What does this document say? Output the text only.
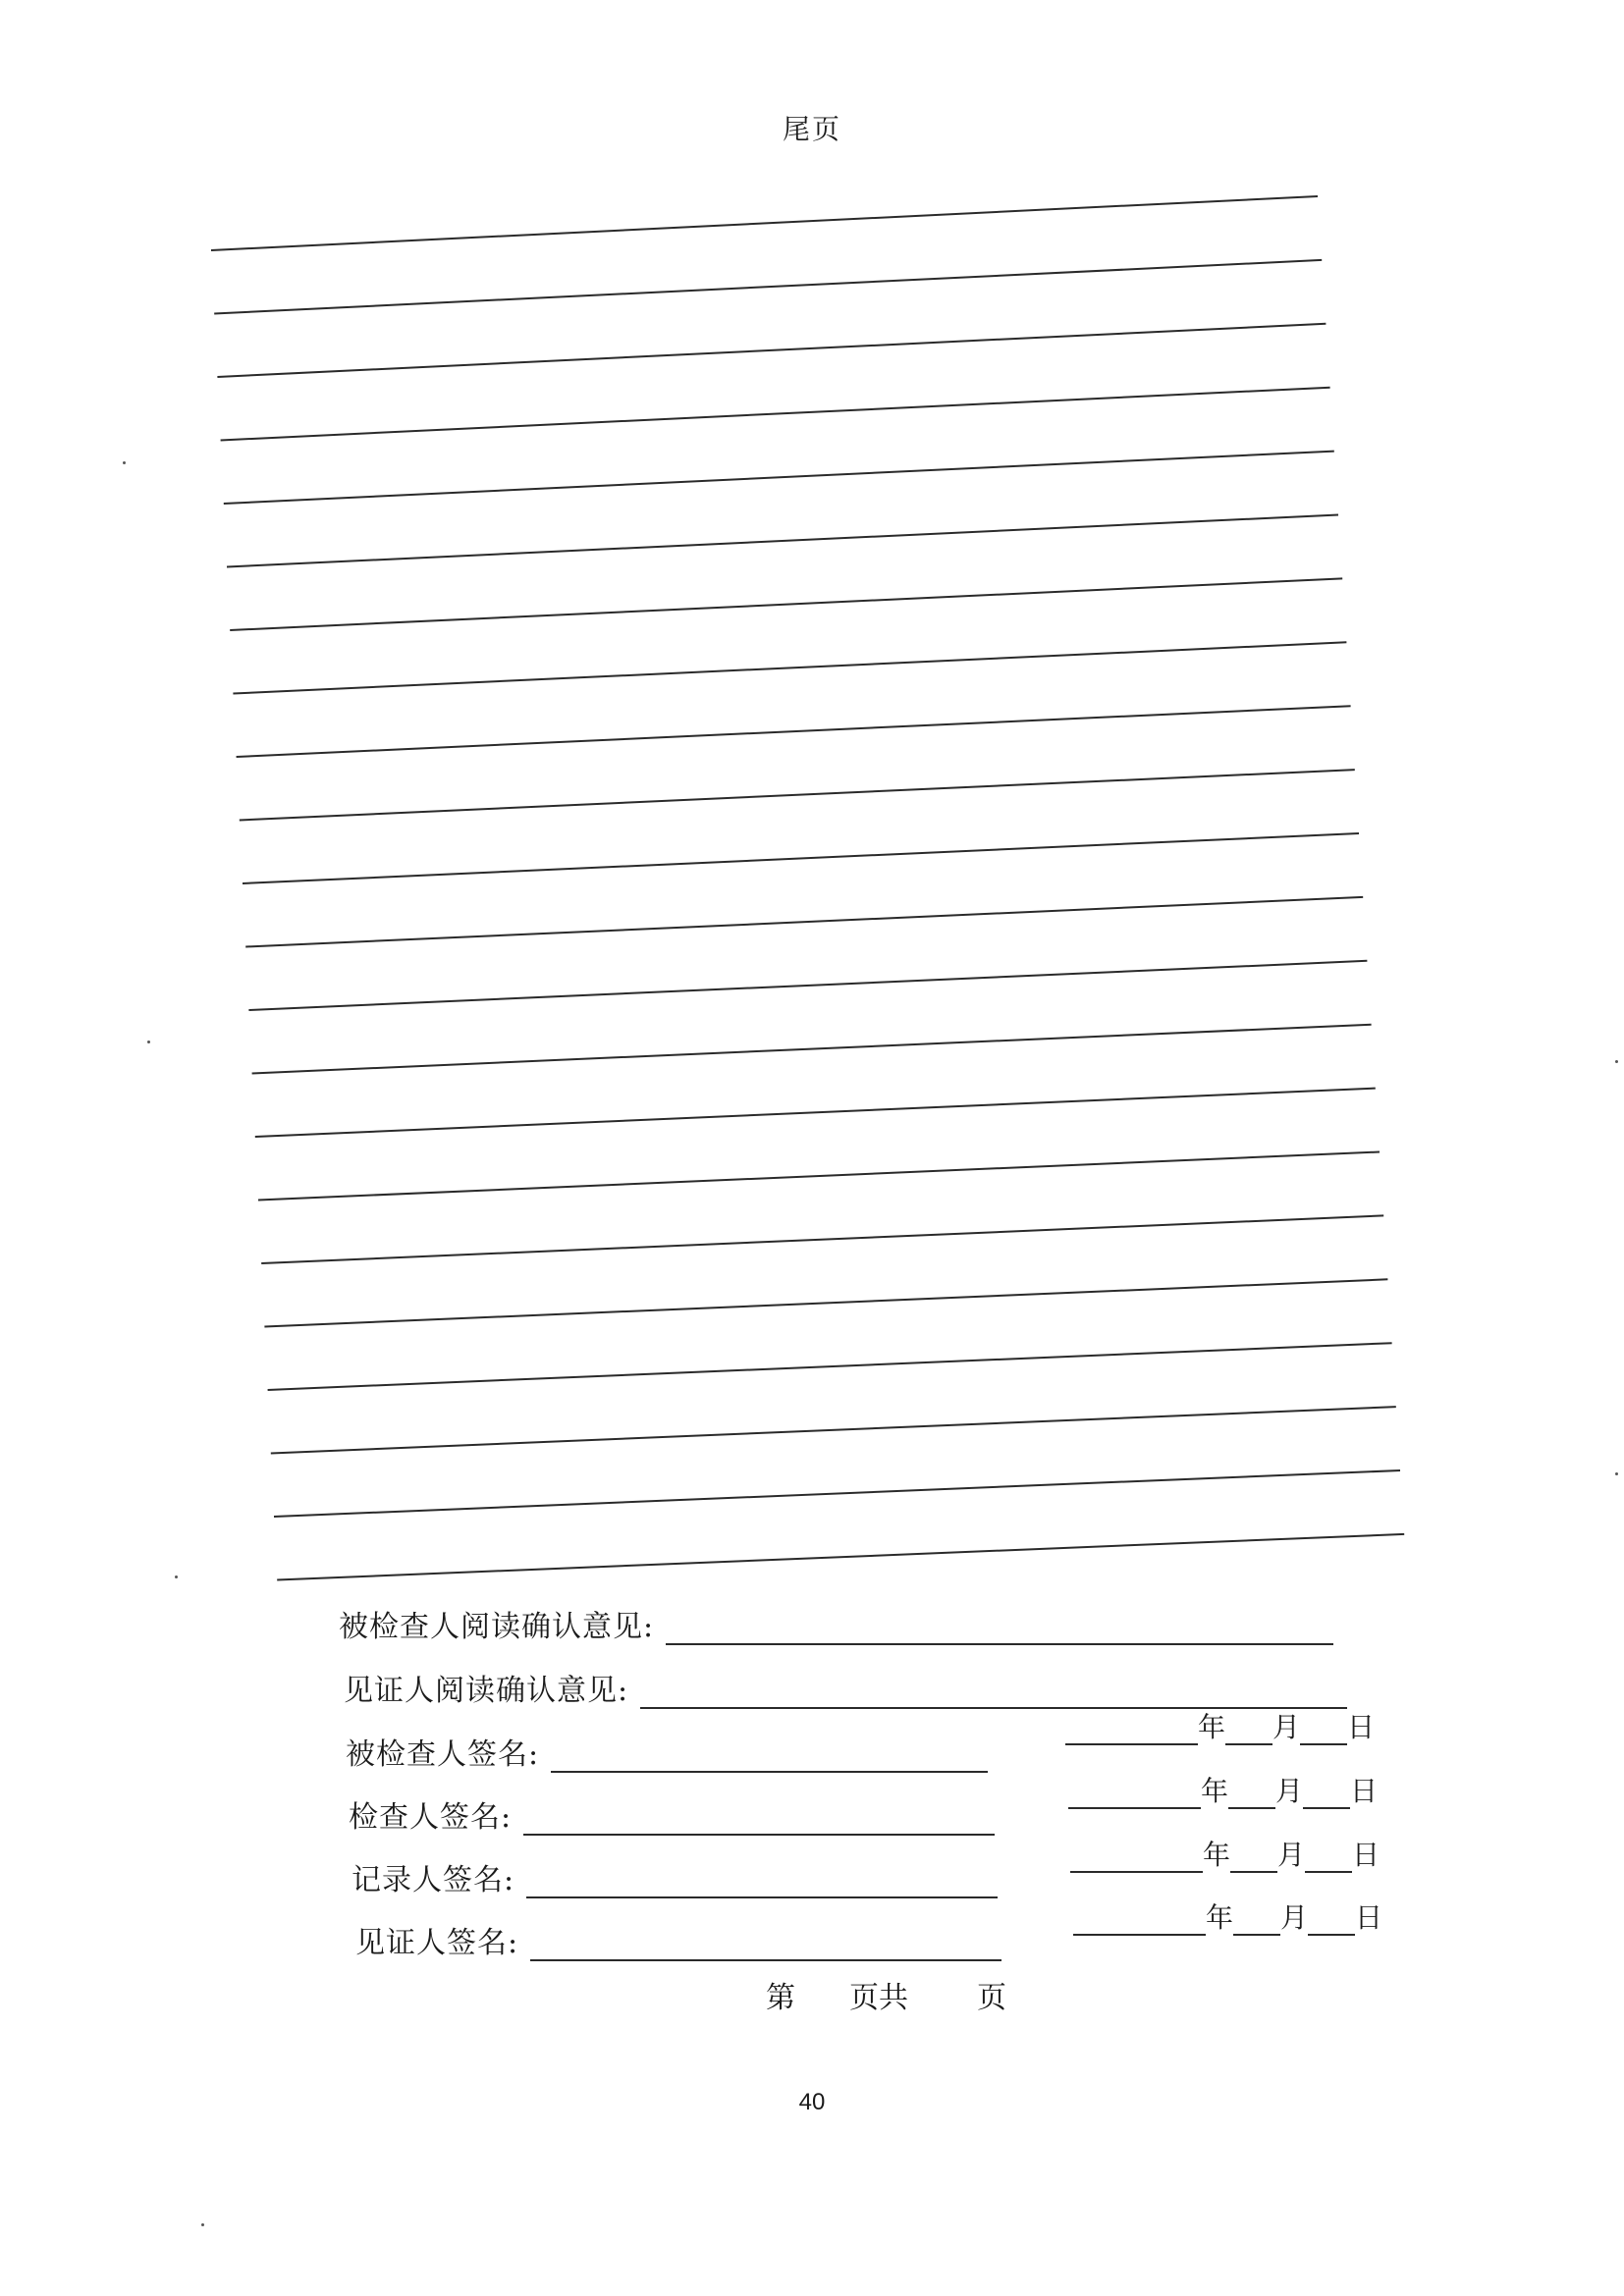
尾页
被检查人阅读确认意见:
见证人阅读确认意见:
被检查人签名:
年 月 日
检查人签名:
年 月 日
记录人签名:
年 月 日
见证人签名:
年 月 日
第 页共 页
40
